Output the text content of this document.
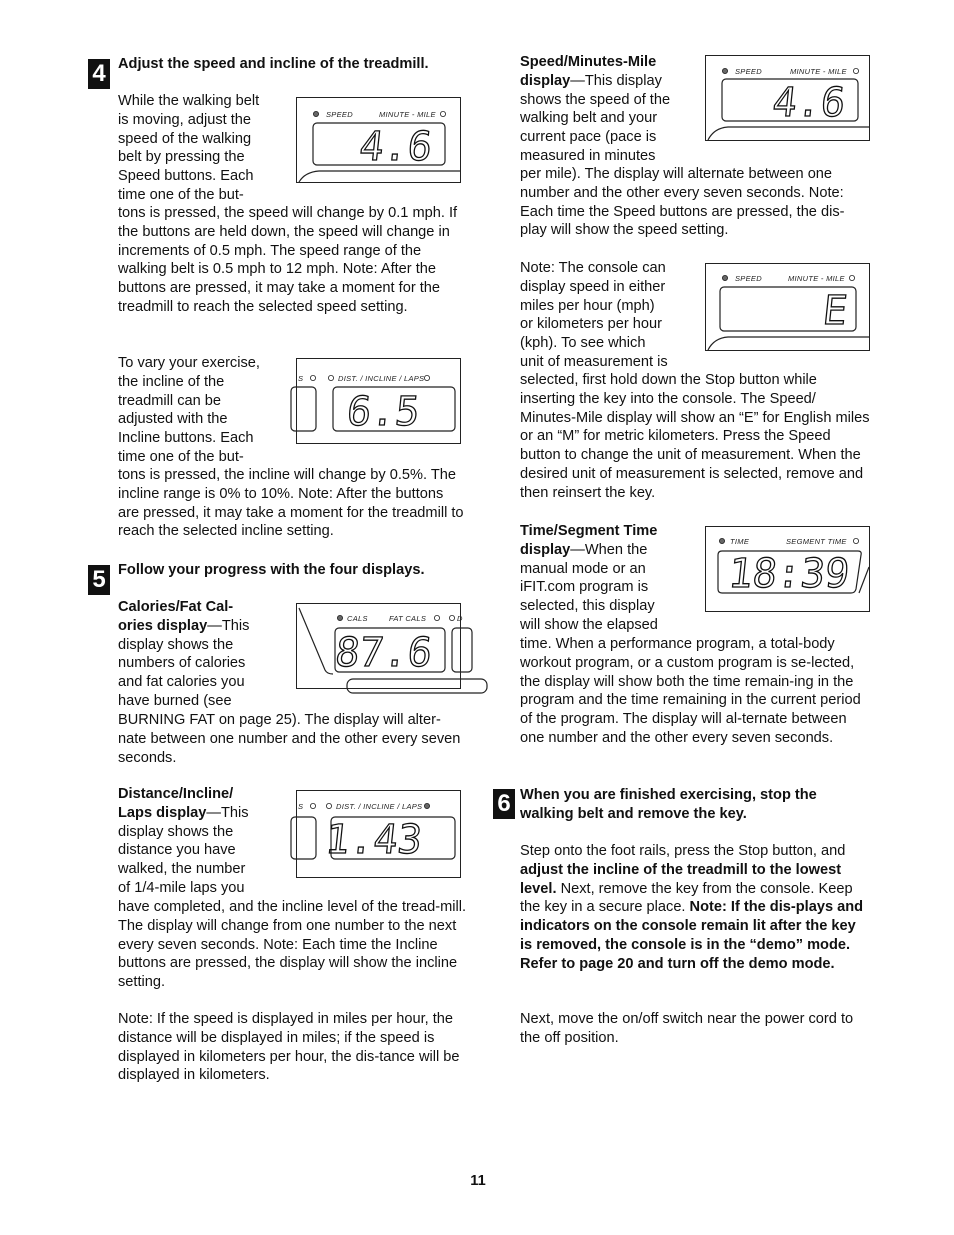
4 Adjust the speed and incline of the treadmill.
While the walking belt
is moving, adjust the
speed of the walking
belt by pressing the
Speed buttons. Each
time one of the but-
tons is pressed, the speed will change by 0.1 mph. If the buttons are held down, the speed will change in increments of 0.5 mph. The speed range of the walking belt is 0.5 mph to 12 mph. Note: After the buttons are pressed, it may take a moment for the treadmill to reach the selected speed setting.
SPEED	MINUTE - MILE
4.6
To vary your exercise,
the incline of the
treadmill can be
adjusted with the
Incline buttons. Each
time one of the but-
tons is pressed, the incline will change by 0.5%. The incline range is 0% to 10%. Note: After the buttons are pressed, it may take a moment for the treadmill to reach the selected incline setting.
S	DIST. / INCLINE / LAPS
6.5
5 Follow your progress with the four displays.
Calories/Fat Cal-
ories display—This
display shows the
numbers of calories
and fat calories you
have burned (see
BURNING FAT on page 25). The display will alter-nate between one number and the other every seven seconds.
CALS	FAT CALS	D
87.6
Distance/Incline/
Laps display—This
display shows the
distance you have
walked, the number
of 1/4-mile laps you
have completed, and the incline level of the tread-mill. The display will change from one number to the next every seven seconds. Note: Each time the Incline buttons are pressed, the display will show the incline setting.
S	DIST. / INCLINE / LAPS
1.43
Note: If the speed is displayed in miles per hour, the distance will be displayed in miles; if the speed is displayed in kilometers per hour, the dis-tance will be displayed in kilometers.
Speed/Minutes-Mile
display—This display
shows the speed of the
walking belt and your
current pace (pace is
measured in minutes
per mile). The display will alternate between one number and the other every seven seconds. Note: Each time the Speed buttons are pressed, the dis-play will show the speed setting.
SPEED	MINUTE - MILE
4.6
Note: The console can
display speed in either
miles per hour (mph)
or kilometers per hour
(kph). To see which
unit of measurement is
selected, first hold down the Stop button while inserting the key into the console. The Speed/ Minutes-Mile display will show an “E” for English miles or an “M” for metric kilometers. Press the Speed button to change the unit of measurement. When the desired unit of measurement is selected, remove and then reinsert the key.
SPEED	MINUTE - MILE
E
Time/Segment Time
display—When the
manual mode or an
iFIT.com program is
selected, this display
will show the elapsed
time. When a performance program, a total-body workout program, or a custom program is se-lected, the display will show both the time remain-ing in the program and the time remaining in the current period of the program. The display will al-ternate between one number and the other every seven seconds.
TIME	SEGMENT TIME
18:39
6 When you are finished exercising, stop the walking belt and remove the key.
Step onto the foot rails, press the Stop button, and adjust the incline of the treadmill to the lowest level. Next, remove the key from the console. Keep the key in a secure place. Note: If the dis-plays and indicators on the console remain lit after the key is removed, the console is in the “demo” mode. Refer to page 20 and turn off the demo mode.
Next, move the on/off switch near the power cord to the off position.
11
